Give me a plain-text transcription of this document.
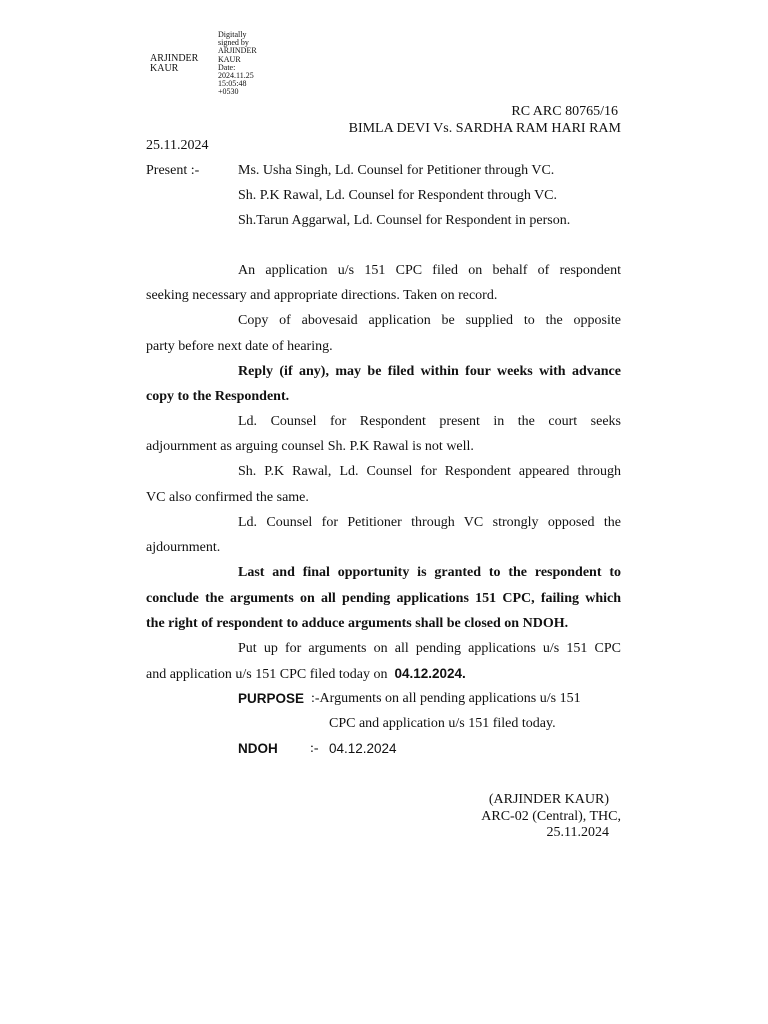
ARJINDER
KAUR
Digitally
signed by
ARJINDER
KAUR
Date:
2024.11.25
15:05:48
+0530
RC ARC 80765/16
BIMLA DEVI Vs. SARDHA RAM HARI RAM
25.11.2024
Present :-	Ms. Usha Singh, Ld. Counsel for Petitioner through VC.
Sh. P.K Rawal, Ld. Counsel for Respondent through VC.
Sh.Tarun Aggarwal, Ld. Counsel for Respondent in person.
An application u/s 151 CPC filed on behalf of respondent
seeking necessary and appropriate directions. Taken on record.
Copy of abovesaid application be supplied to the opposite
party before next date of hearing.
Reply (if any), may be filed within four weeks with advance
copy to the Respondent.
Ld. Counsel for Respondent present in the court seeks
adjournment as arguing counsel Sh. P.K Rawal is not well.
Sh. P.K Rawal, Ld. Counsel for Respondent appeared through
VC also confirmed the same.
Ld. Counsel for Petitioner through VC strongly opposed the
ajdournment.
Last and final opportunity is granted to the respondent to
conclude the arguments on all pending applications 151 CPC, failing which
the right of respondent to adduce arguments shall be closed on NDOH.
Put up for arguments on all pending applications u/s 151 CPC
and application u/s 151 CPC filed today on 04.12.2024.
PURPOSE :-Arguments on all pending applications u/s 151
CPC and application u/s 151 filed today.
NDOH :- 04.12.2024
(ARJINDER KAUR)
ARC-02 (Central), THC,
25.11.2024
